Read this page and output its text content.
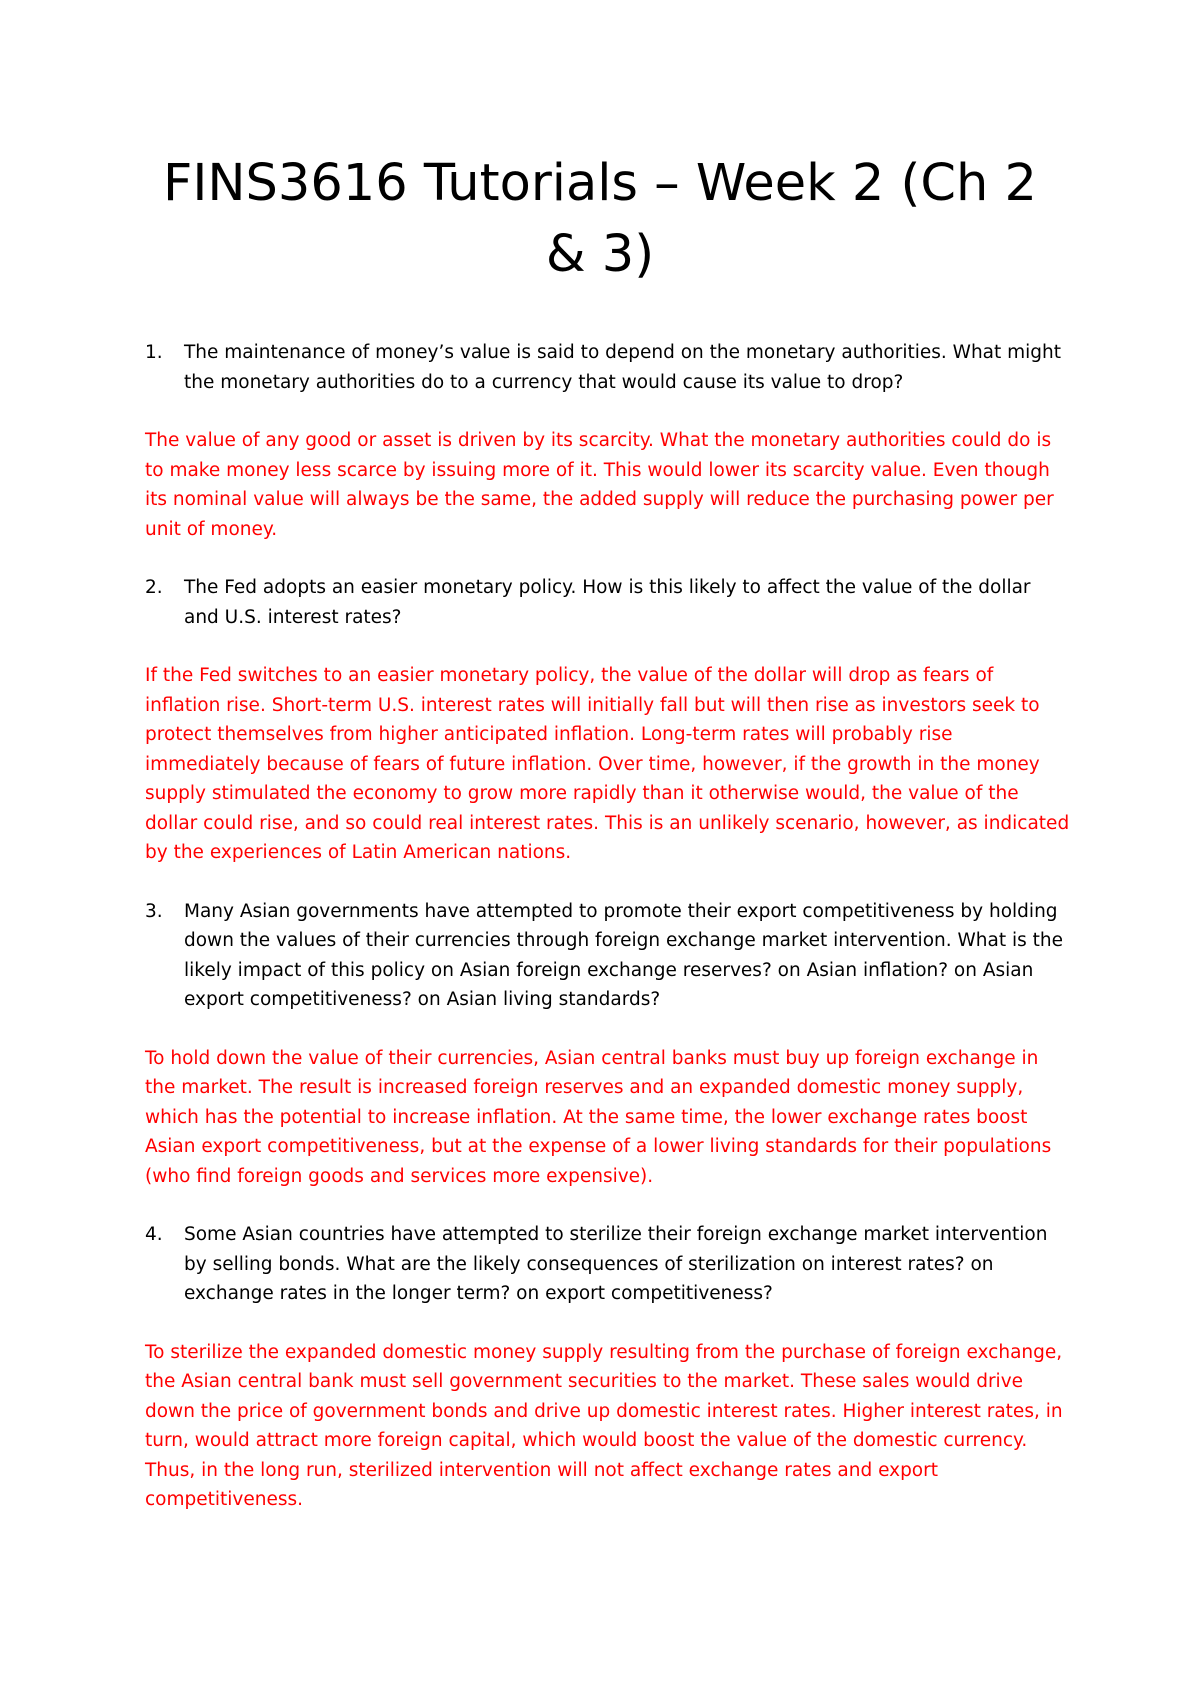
FINS3616 Tutorials – Week 2 (Ch 2 & 3)
1. The maintenance of money’s value is said to depend on the monetary authorities. What might the monetary authorities do to a currency that would cause its value to drop?

The value of any good or asset is driven by its scarcity. What the monetary authorities could do is to make money less scarce by issuing more of it. This would lower its scarcity value. Even though its nominal value will always be the same, the added supply will reduce the purchasing power per unit of money.

2. The Fed adopts an easier monetary policy. How is this likely to affect the value of the dollar and U.S. interest rates?

If the Fed switches to an easier monetary policy, the value of the dollar will drop as fears of inflation rise. Short-term U.S. interest rates will initially fall but will then rise as investors seek to protect themselves from higher anticipated inflation. Long-term rates will probably rise immediately because of fears of future inflation. Over time, however, if the growth in the money supply stimulated the economy to grow more rapidly than it otherwise would, the value of the dollar could rise, and so could real interest rates. This is an unlikely scenario, however, as indicated by the experiences of Latin American nations.

3. Many Asian governments have attempted to promote their export competitiveness by holding down the values of their currencies through foreign exchange market intervention. What is the likely impact of this policy on Asian foreign exchange reserves? on Asian inflation? on Asian export competitiveness? on Asian living standards?

To hold down the value of their currencies, Asian central banks must buy up foreign exchange in the market. The result is increased foreign reserves and an expanded domestic money supply, which has the potential to increase inflation. At the same time, the lower exchange rates boost Asian export competitiveness, but at the expense of a lower living standards for their populations (who find foreign goods and services more expensive).

4. Some Asian countries have attempted to sterilize their foreign exchange market intervention by selling bonds. What are the likely consequences of sterilization on interest rates? on exchange rates in the longer term? on export competitiveness?

To sterilize the expanded domestic money supply resulting from the purchase of foreign exchange, the Asian central bank must sell government securities to the market. These sales would drive down the price of government bonds and drive up domestic interest rates. Higher interest rates, in turn, would attract more foreign capital, which would boost the value of the domestic currency. Thus, in the long run, sterilized intervention will not affect exchange rates and export competitiveness.
